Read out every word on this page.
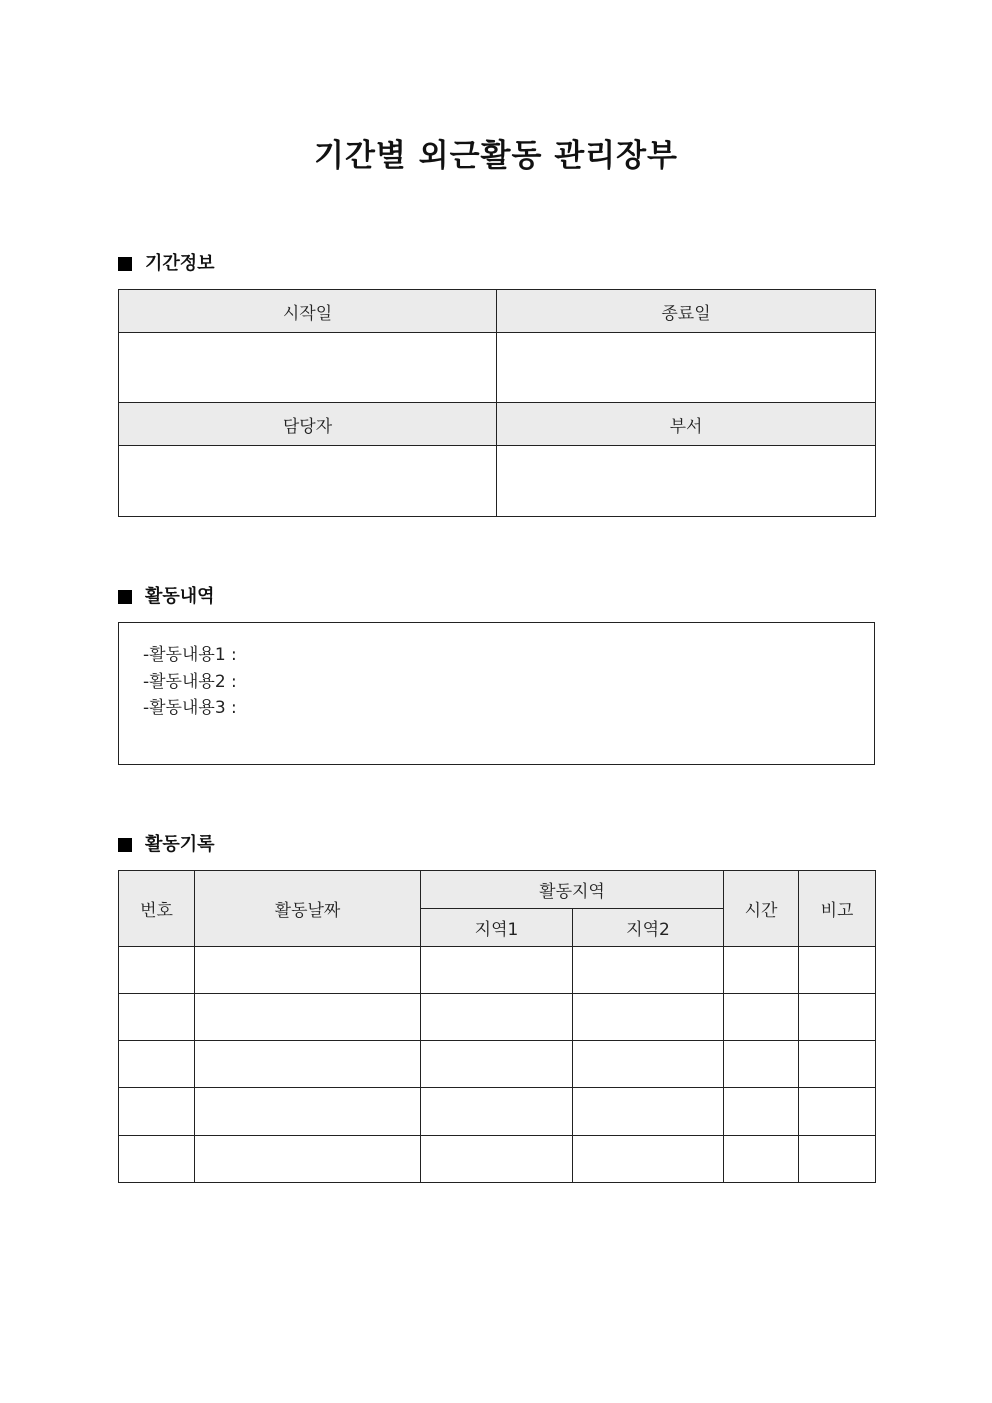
기간별 외근활동 관리장부
기간정보
시작일	종료일

담당자	부서

활동내역
-활동내용1 :
-활동내용2 :
-활동내용3 :
활동기록
번호	활동날짜	활동지역		시간	비고
		지역1	지역2		
